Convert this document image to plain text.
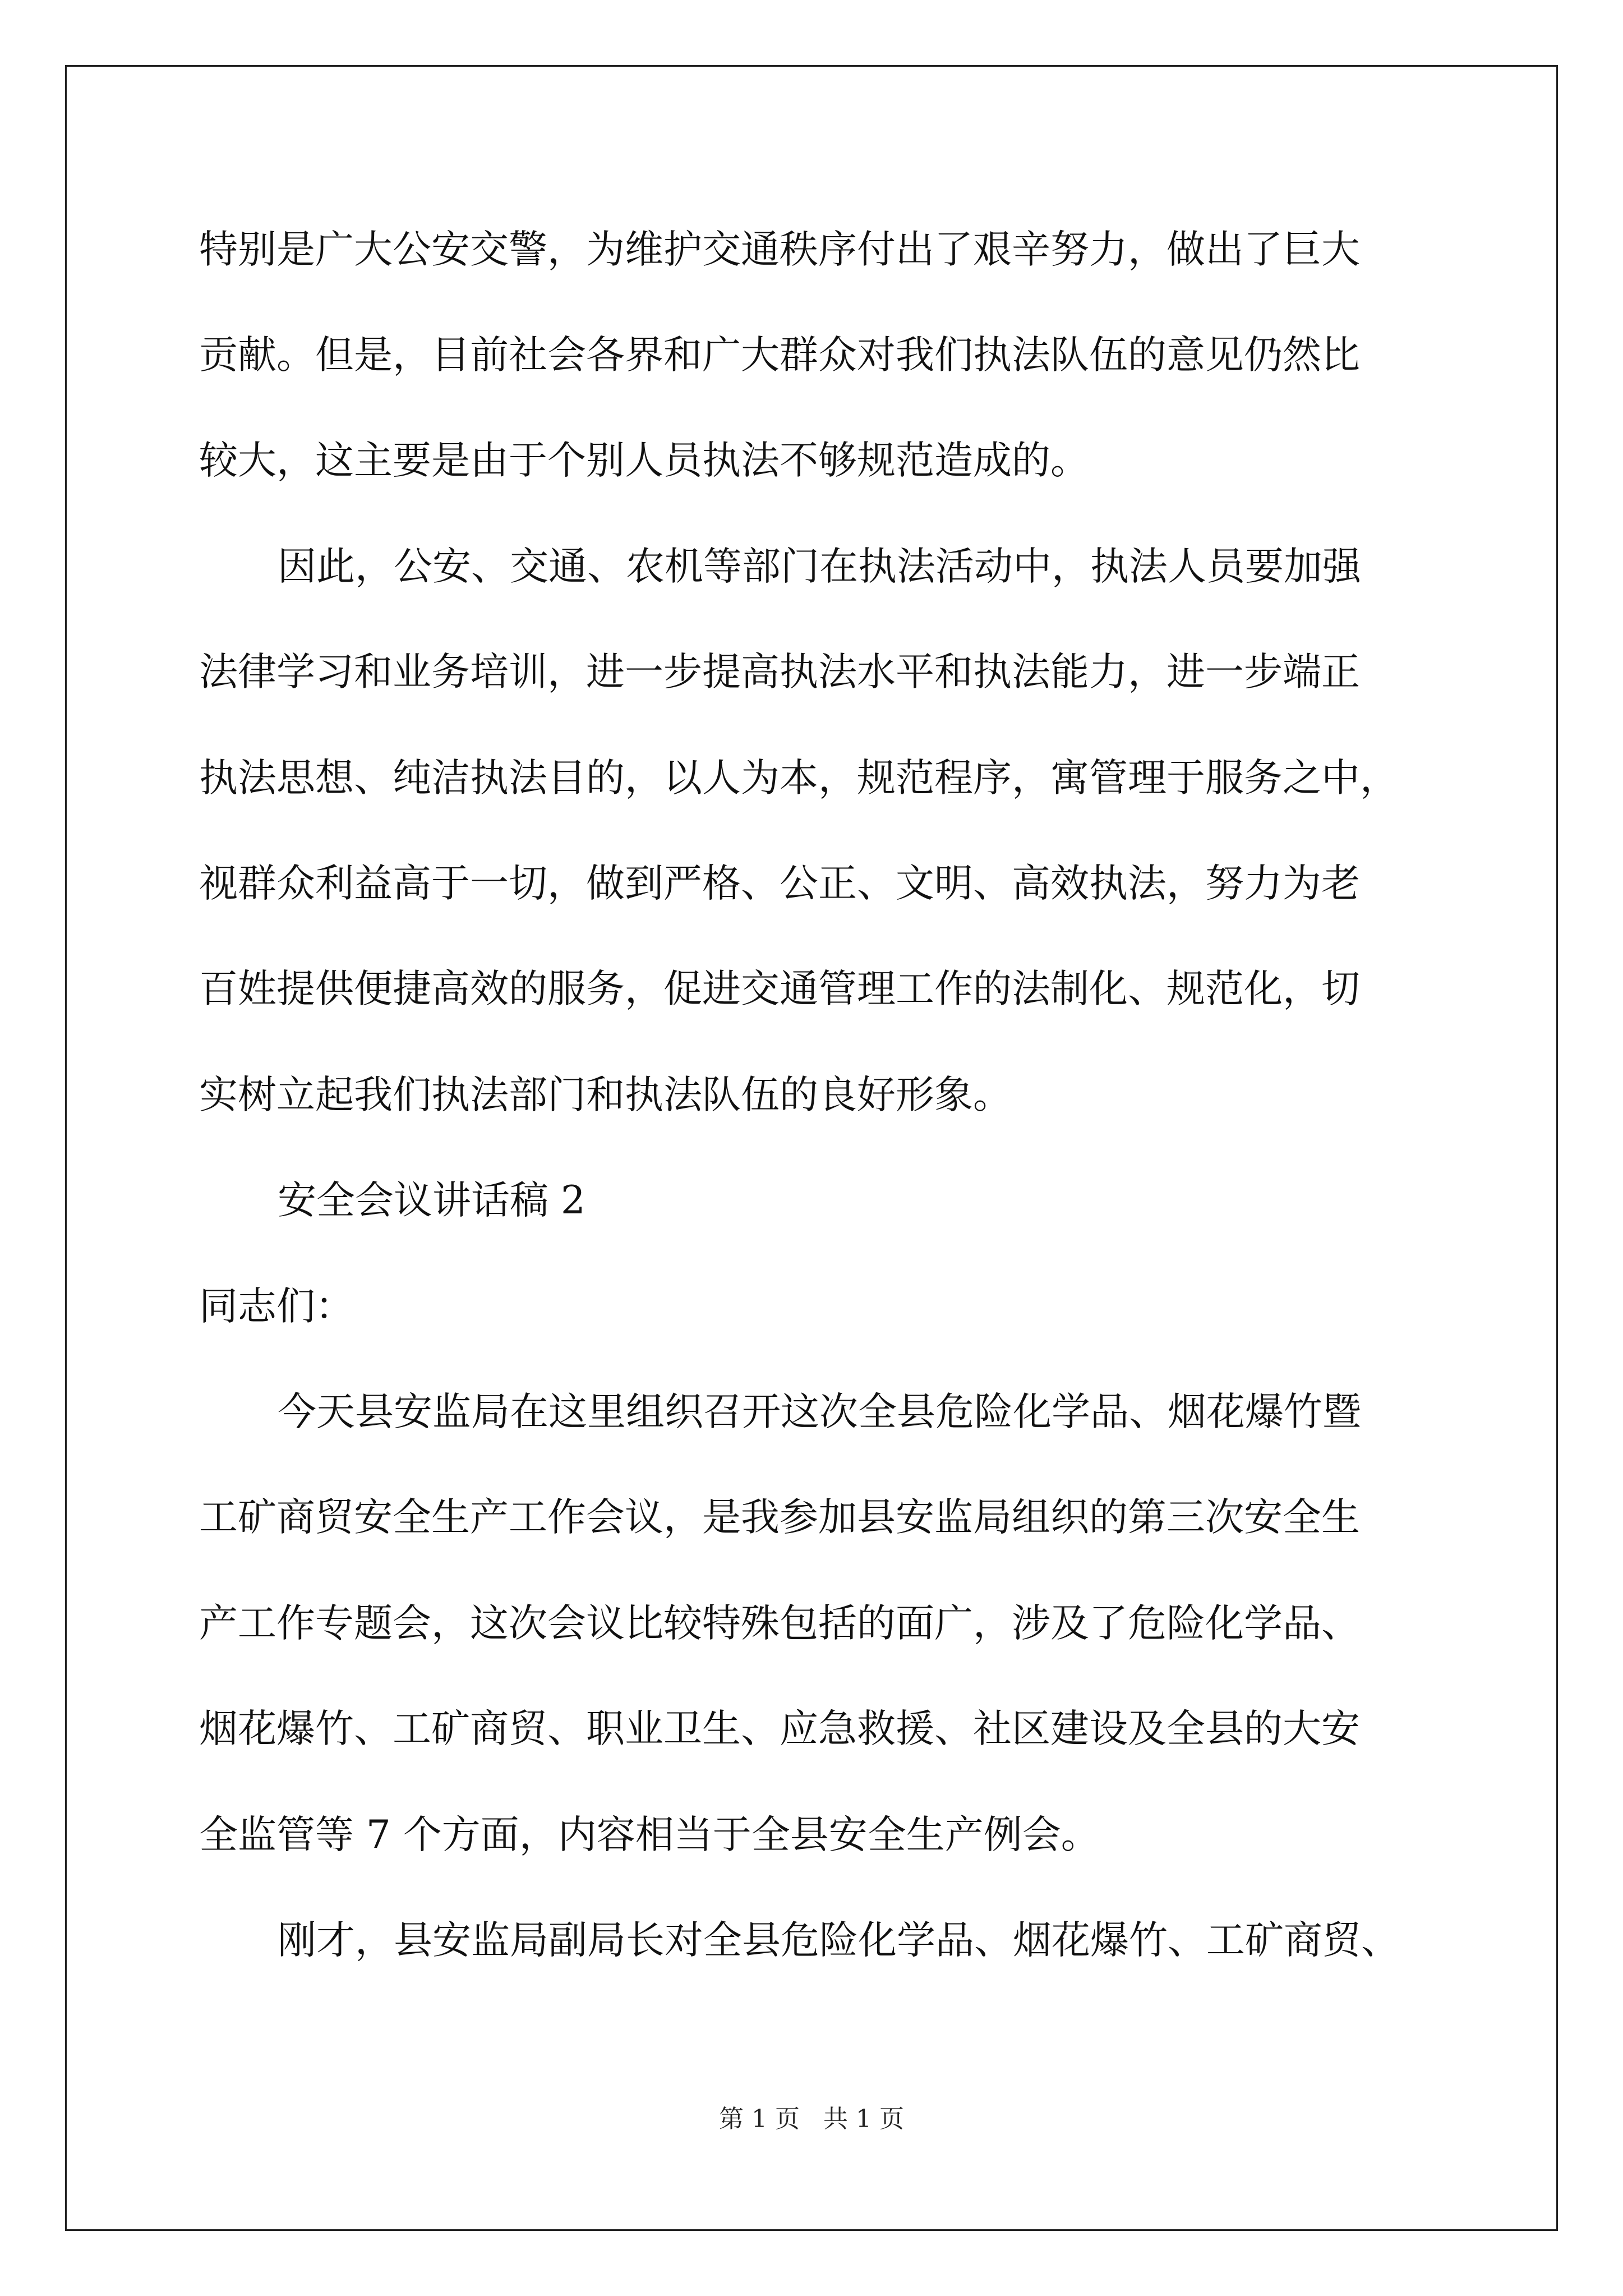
特别是广大公安交警，为维护交通秩序付出了艰辛努力，做出了巨大

贡献。但是，目前社会各界和广大群众对我们执法队伍的意见仍然比

较大，这主要是由于个别人员执法不够规范造成的。

因此，公安、交通、农机等部门在执法活动中，执法人员要加强

法律学习和业务培训，进一步提高执法水平和执法能力，进一步端正

执法思想、纯洁执法目的，以人为本，规范程序，寓管理于服务之中，

视群众利益高于一切，做到严格、公正、文明、高效执法，努力为老

百姓提供便捷高效的服务，促进交通管理工作的法制化、规范化，切

实树立起我们执法部门和执法队伍的良好形象。

安全会议讲话稿 2

同志们：

今天县安监局在这里组织召开这次全县危险化学品、烟花爆竹暨

工矿商贸安全生产工作会议，是我参加县安监局组织的第三次安全生

产工作专题会，这次会议比较特殊包括的面广，涉及了危险化学品、

烟花爆竹、工矿商贸、职业卫生、应急救援、社区建设及全县的大安

全监管等 7 个方面，内容相当于全县安全生产例会。

刚才，县安监局副局长对全县危险化学品、烟花爆竹、工矿商贸、

第 1 页   共 1 页
